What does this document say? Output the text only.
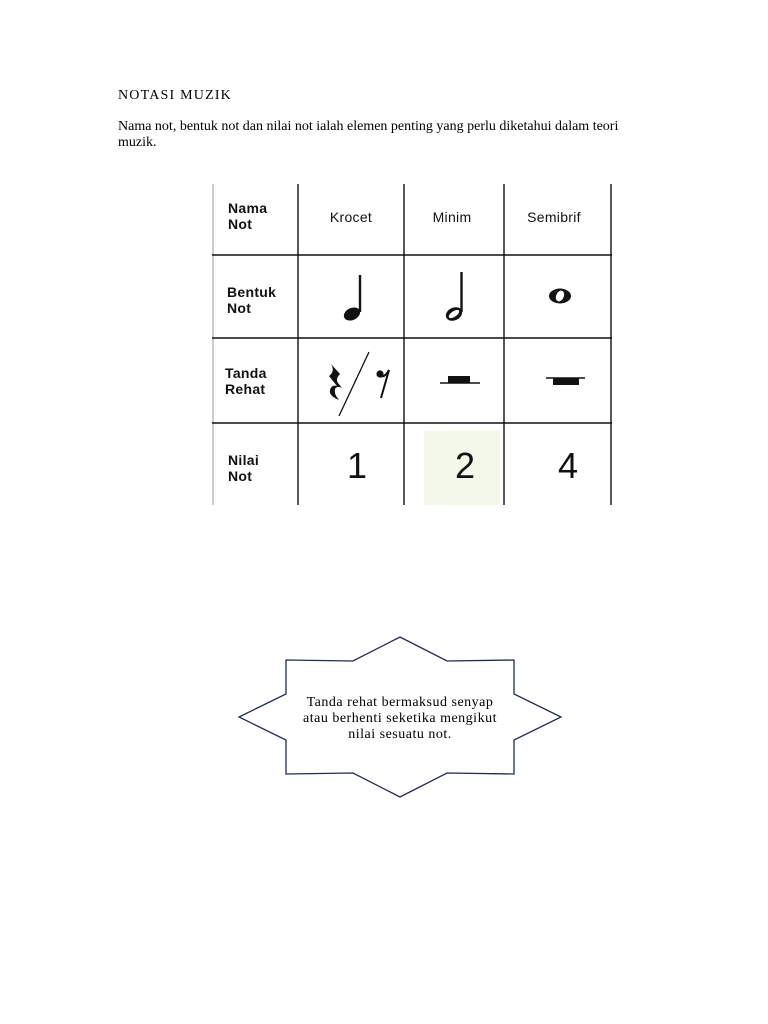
NOTASI MUZIK

Nama not, bentuk not dan nilai not ialah elemen penting yang perlu diketahui dalam teori muzik.

Nama
Not
Bentuk
Not
Tanda
Rehat
Nilai
Not
Krocet	Minim	Semibrif
1 2 4
Tanda rehat bermaksud senyap
atau berhenti seketika mengikut
nilai sesuatu not.
